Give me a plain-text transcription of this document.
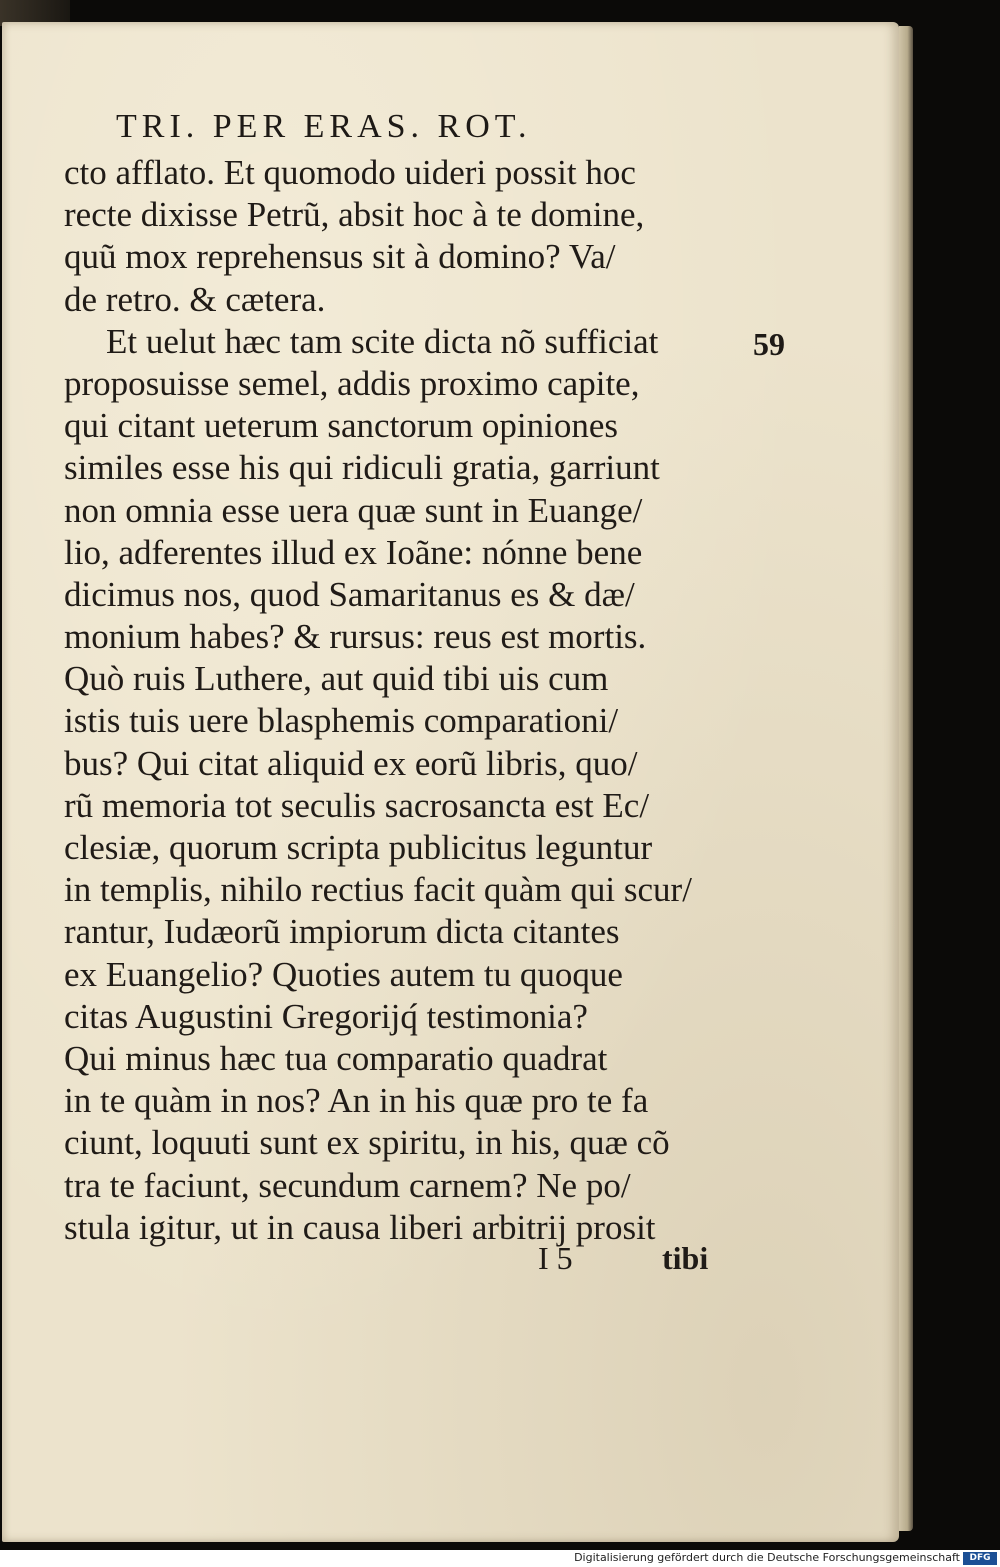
TRI. PER ERAS. ROT.
59
cto afflato. Et quomodo uideri possit hoc
recte dixisse Petrũ, absit hoc à te domine,
quũ mox reprehensus sit à domino? Va/
de retro. & cætera.
Et uelut hæc tam scite dicta nõ sufficiat
proposuisse semel, addis proximo capite,
qui citant ueterum sanctorum opiniones
similes esse his qui ridiculi gratia, garriunt
non omnia esse uera quæ sunt in Euange/
lio, adferentes illud ex Ioãne: nónne bene
dicimus nos, quod Samaritanus es & dæ/
monium habes? & rursus: reus est mortis.
Quò ruis Luthere, aut quid tibi uis cum
istis tuis uere blasphemis comparationi/
bus? Qui citat aliquid ex eorũ libris, quo/
rũ memoria tot seculis sacrosancta est Ec/
clesiæ, quorum scripta publicitus leguntur
in templis, nihilo rectius facit quàm qui scur/
rantur, Iudæorũ impiorum dicta citantes
ex Euangelio? Quoties autem tu quoque
citas Augustini Gregorijq́ testimonia?
Qui minus hæc tua comparatio quadrat
in te quàm in nos? An in his quæ pro te fa
ciunt, loquuti sunt ex spiritu, in his, quæ cõ
tra te faciunt, secundum carnem? Ne po/
stula igitur, ut in causa liberi arbitrij prosit
I 5	tibi
Digitalisierung gefördert durch die Deutsche Forschungsgemeinschaft	DFG
